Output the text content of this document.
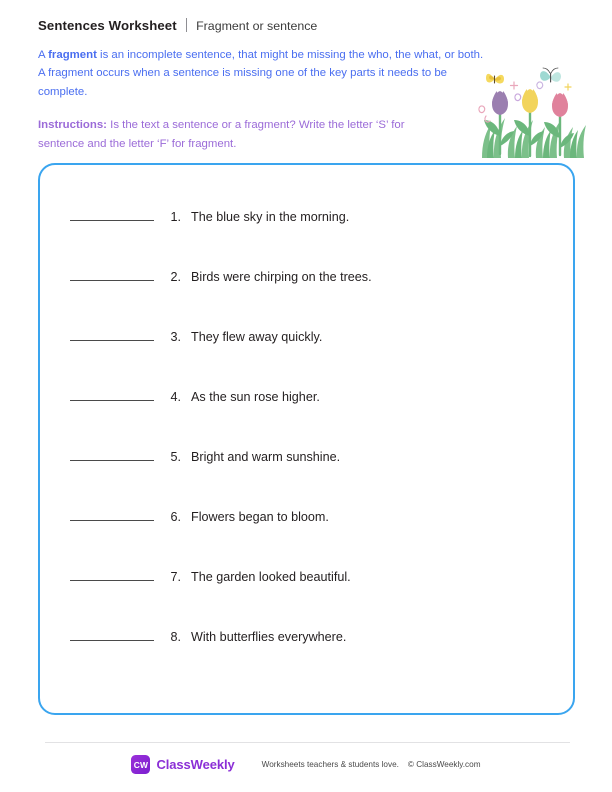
Sentences Worksheet Fragment or sentence

A fragment is an incomplete sentence, that might be missing the who, the what, or both. A fragment occurs when a sentence is missing one of the key parts it needs to be complete.

Instructions: Is the text a sentence or a fragment? Write the letter ‘S’ for sentence and the letter ‘F’ for fragment.

1. The blue sky in the morning.
2. Birds were chirping on the trees.
3. They flew away quickly.
4. As the sun rose higher.
5. Bright and warm sunshine.
6. Flowers began to bloom.
7. The garden looked beautiful.
8. With butterflies everywhere.
CW ClassWeekly	Worksheets teachers & students love. © ClassWeekly.com
